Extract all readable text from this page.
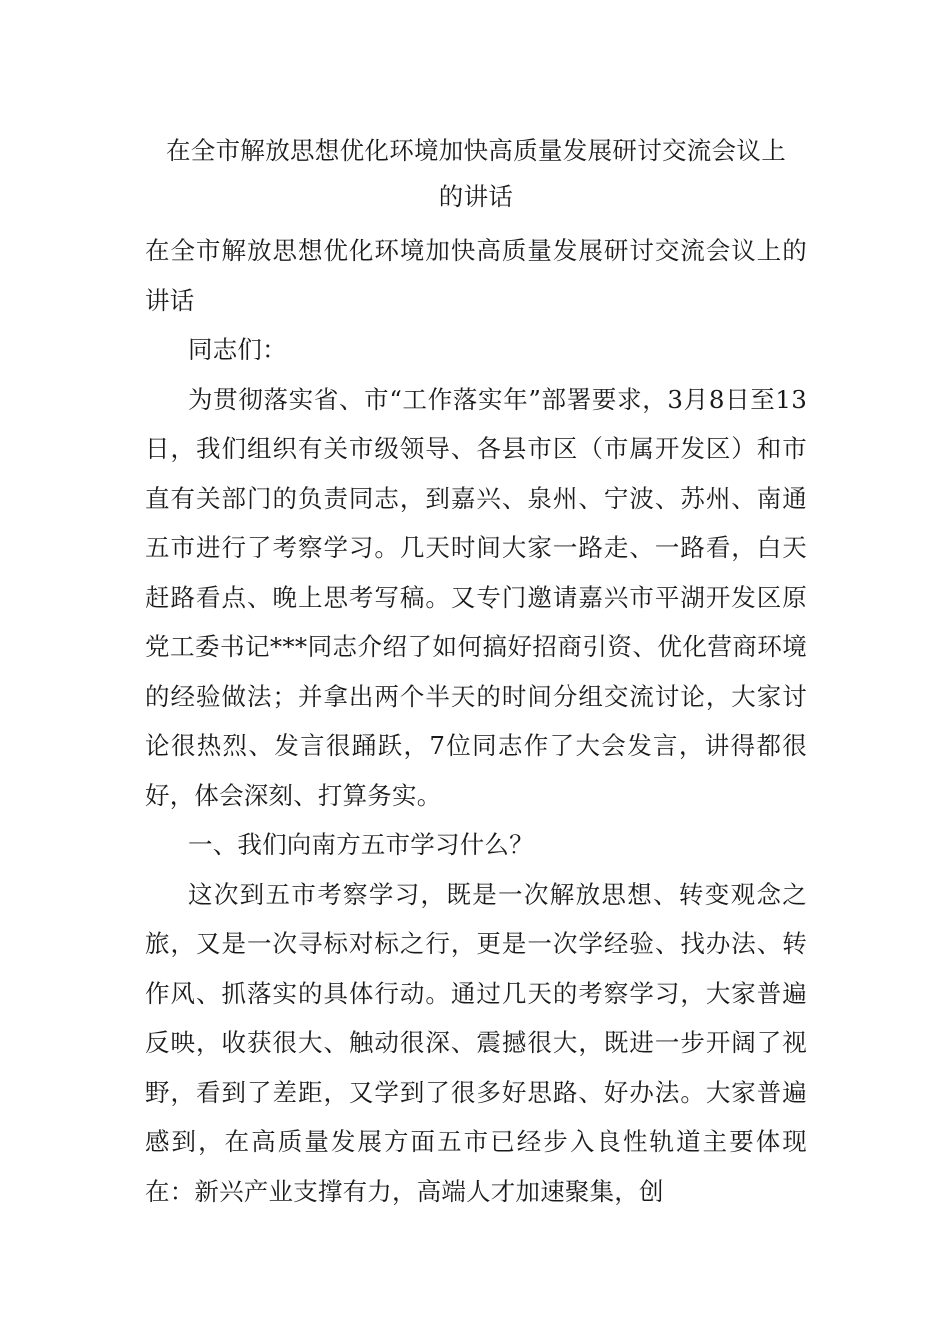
在全市解放思想优化环境加快高质量发展研讨交流会议上
的讲话

在全市解放思想优化环境加快高质量发展研讨交流会议上的讲话

同志们：

为贯彻落实省、市“工作落实年”部署要求，3月8日至13日，我们组织有关市级领导、各县市区（市属开发区）和市直有关部门的负责同志，到嘉兴、泉州、宁波、苏州、南通五市进行了考察学习。几天时间大家一路走、一路看，白天赶路看点、晚上思考写稿。又专门邀请嘉兴市平湖开发区原党工委书记***同志介绍了如何搞好招商引资、优化营商环境的经验做法；并拿出两个半天的时间分组交流讨论，大家讨论很热烈、发言很踊跃，7位同志作了大会发言，讲得都很好，体会深刻、打算务实。

一、我们向南方五市学习什么？

这次到五市考察学习，既是一次解放思想、转变观念之旅，又是一次寻标对标之行，更是一次学经验、找办法、转作风、抓落实的具体行动。通过几天的考察学习，大家普遍反映，收获很大、触动很深、震撼很大，既进一步开阔了视野，看到了差距，又学到了很多好思路、好办法。大家普遍感到，在高质量发展方面五市已经步入良性轨道主要体现在：新兴产业支撑有力，高端人才加速聚集，创
